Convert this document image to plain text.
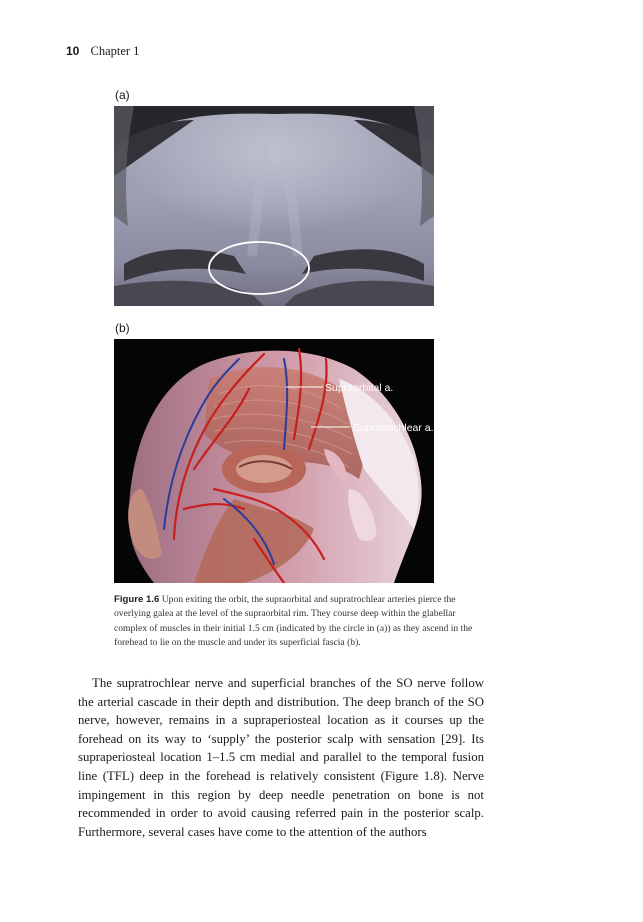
10 Chapter 1
(a)
(b)
Supraorbital a.
Supratrochlear a.
Figure 1.6 Upon exiting the orbit, the supraorbital and supratrochlear arteries pierce the overlying galea at the level of the supraorbital rim. They course deep within the glabellar complex of muscles in their initial 1.5 cm (indicated by the circle in (a)) as they ascend in the forehead to lie on the muscle and under its superficial fascia (b).

The supratrochlear nerve and superficial branches of the SO nerve follow the arterial cascade in their depth and distribution. The deep branch of the SO nerve, however, remains in a supraperiosteal location as it courses up the forehead on its way to ‘supply’ the posterior scalp with sensation [29]. Its supraperiosteal location 1–1.5 cm medial and parallel to the temporal fusion line (TFL) deep in the forehead is relatively consistent (Figure 1.8). Nerve impingement in this region by deep needle penetration on bone is not recommended in order to avoid causing referred pain in the posterior scalp. Furthermore, several cases have come to the attention of the authors
